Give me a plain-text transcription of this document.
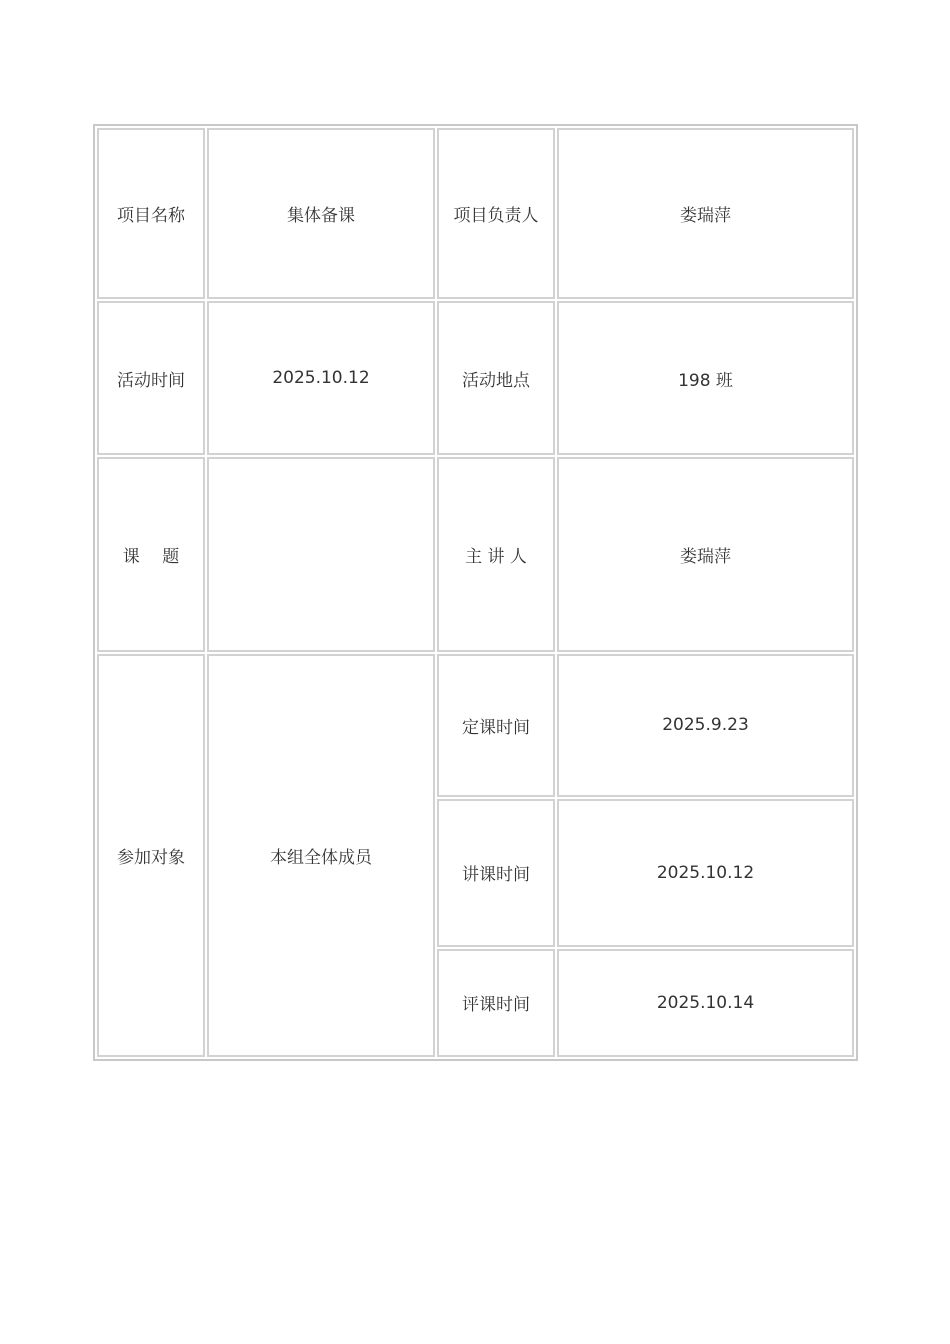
项目名称	集体备课	项目负责人	娄瑞萍
活动时间	2025.10.12	活动地点	198 班
课　 题		主 讲 人	娄瑞萍
参加对象	本组全体成员	定课时间	2025.9.23
		讲课时间	2025.10.12
		评课时间	2025.10.14
